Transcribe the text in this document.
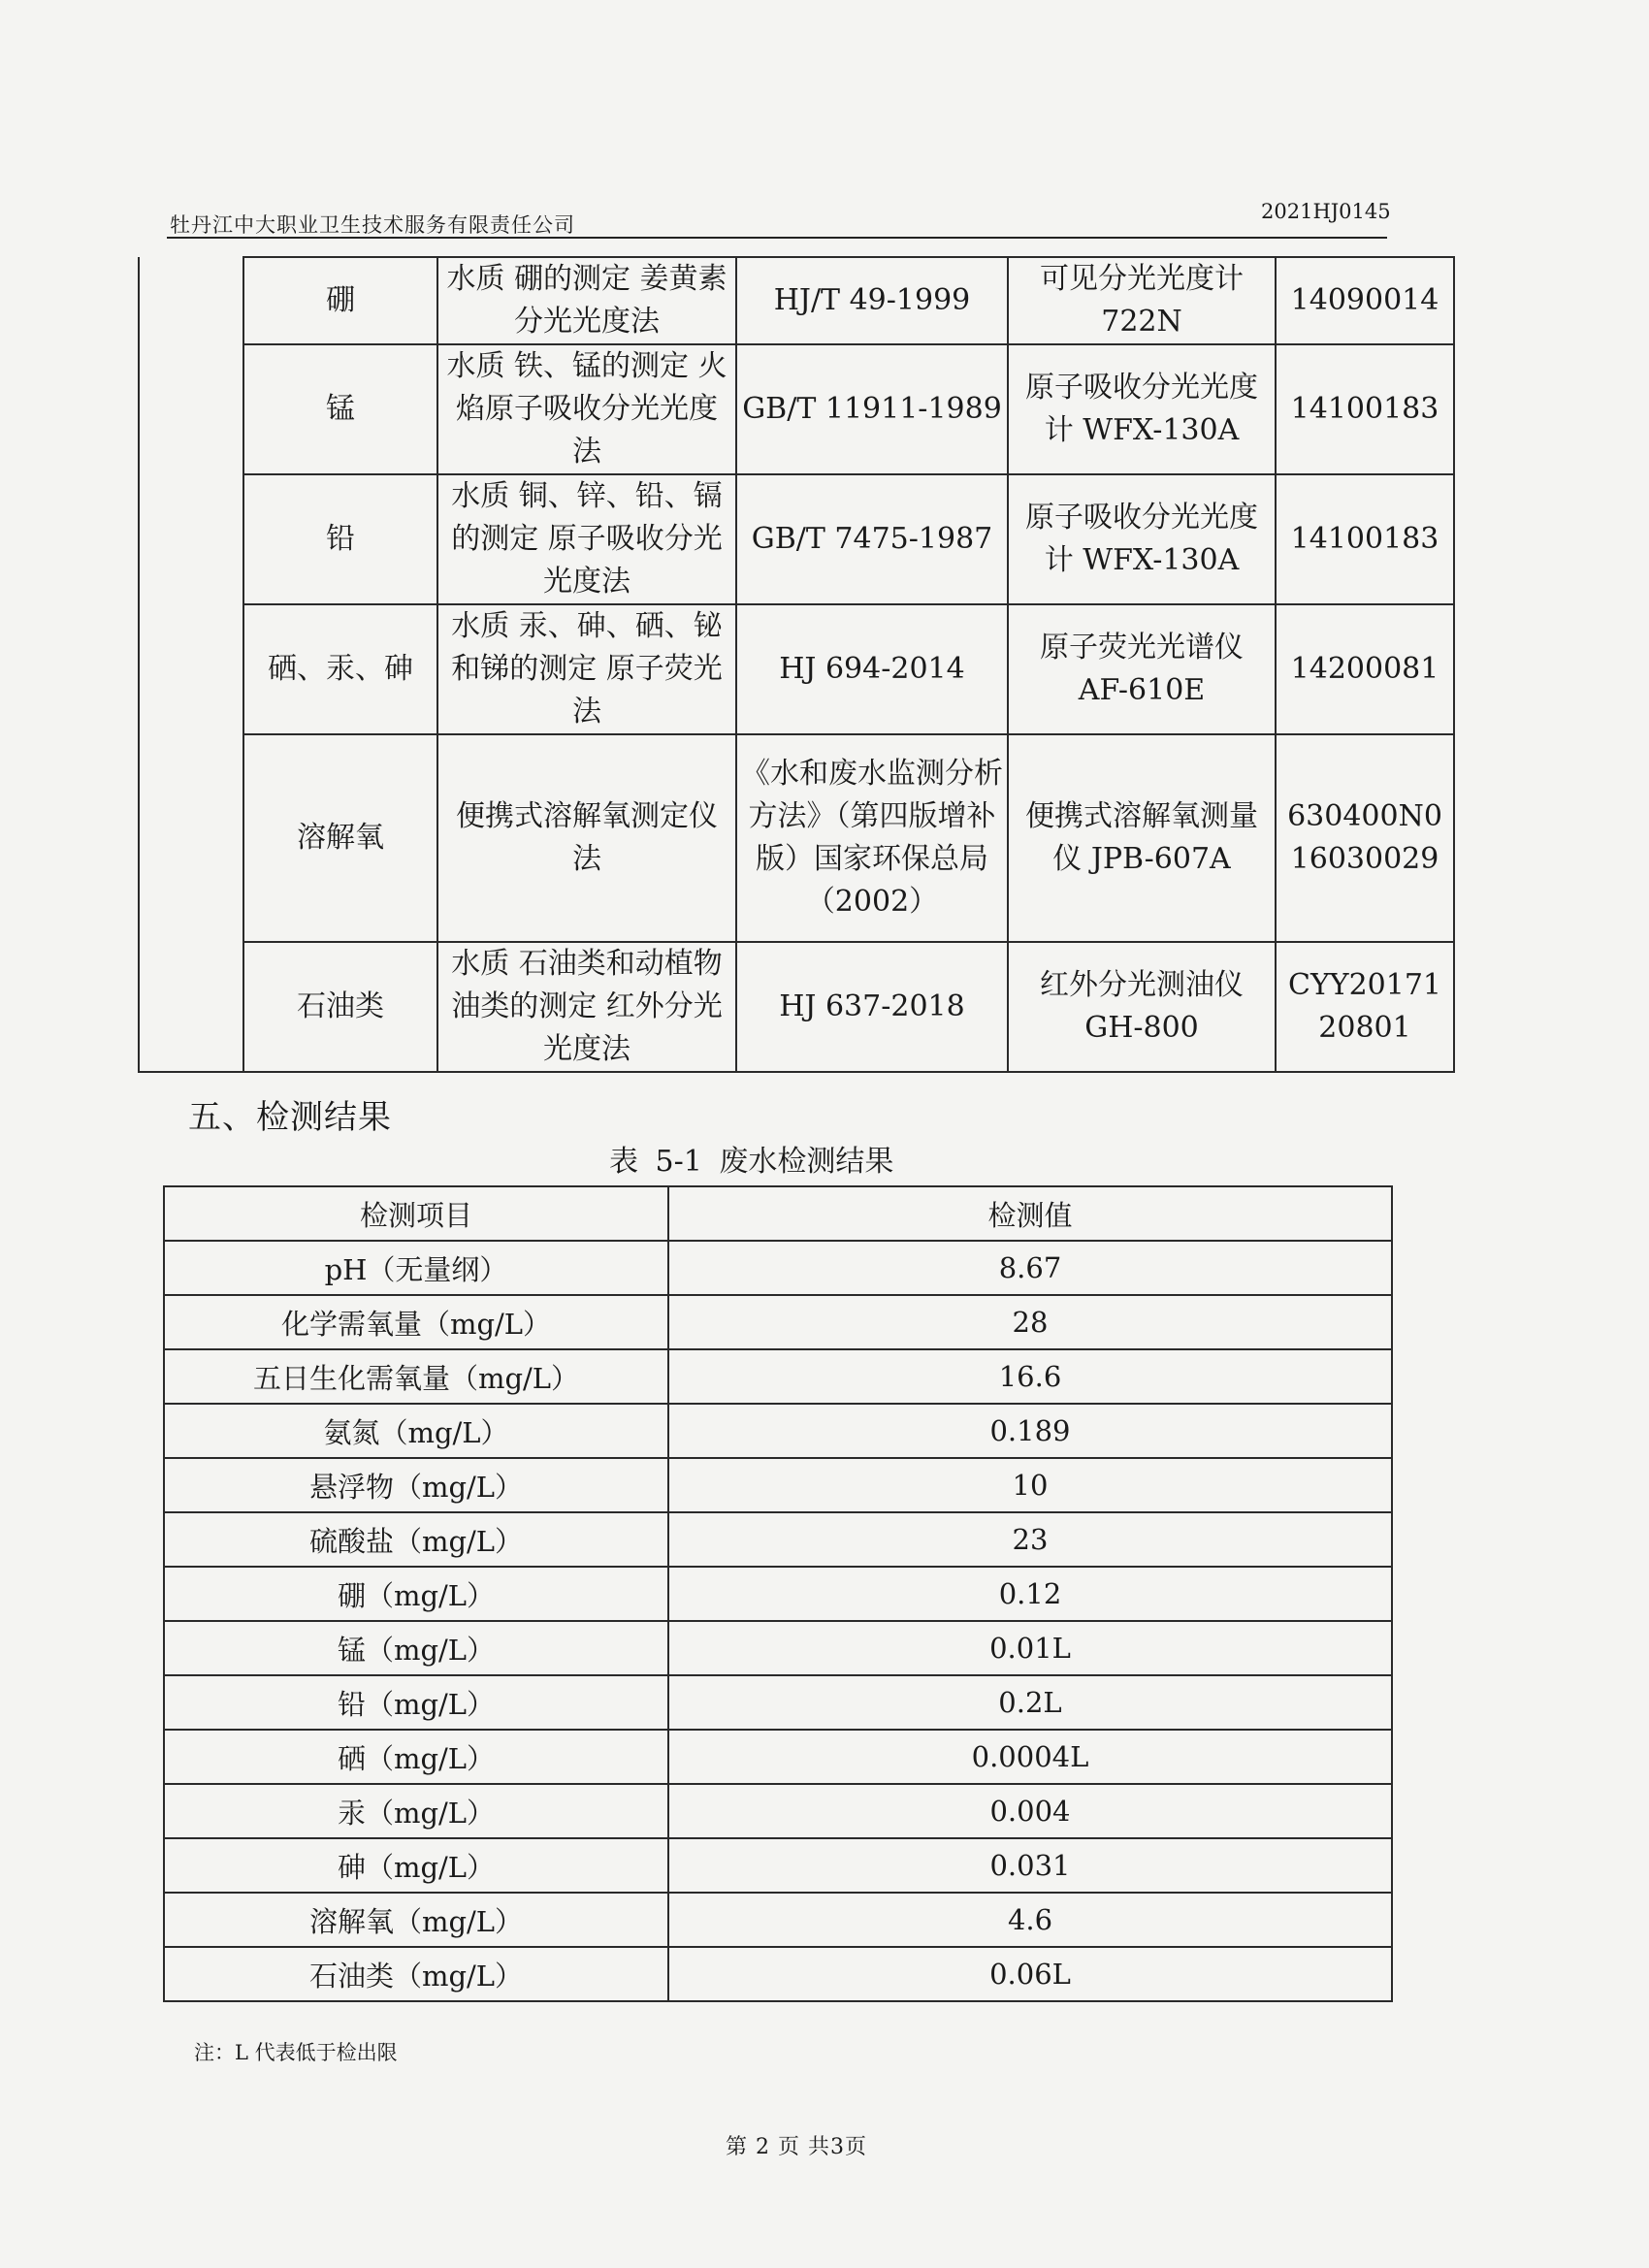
牡丹江中大职业卫生技术服务有限责任公司
2021HJ0145
	硼	水质 硼的测定 姜黄素分光光度法	HJ/T 49-1999	可见分光光度计 722N	14090014
	锰	水质 铁、锰的测定 火焰原子吸收分光光度法	GB/T 11911-1989	原子吸收分光光度计 WFX-130A	14100183
	铅	水质 铜、锌、铅、镉的测定 原子吸收分光光度法	GB/T 7475-1987	原子吸收分光光度计 WFX-130A	14100183
	硒、汞、砷	水质 汞、砷、硒、铋和锑的测定 原子荧光法	HJ 694-2014	原子荧光光谱仪 AF-610E	14200081
	溶解氧	便携式溶解氧测定仪法	《水和废水监测分析方法》（第四版增补版）国家环保总局（2002）	便携式溶解氧测量仪 JPB-607A	630400N016030029
	石油类	水质 石油类和动植物油类的测定 红外分光光度法	HJ 637-2018	红外分光测油仪 GH-800	CYY2017120801
五、检测结果
表 5-1 废水检测结果
检测项目	检测值
pH（无量纲）	8.67
化学需氧量（mg/L）	28
五日生化需氧量（mg/L）	16.6
氨氮（mg/L）	0.189
悬浮物（mg/L）	10
硫酸盐（mg/L）	23
硼（mg/L）	0.12
锰（mg/L）	0.01L
铅（mg/L）	0.2L
硒（mg/L）	0.0004L
汞（mg/L）	0.004
砷（mg/L）	0.031
溶解氧（mg/L）	4.6
石油类（mg/L）	0.06L
注：L 代表低于检出限
第 2 页 共3页
